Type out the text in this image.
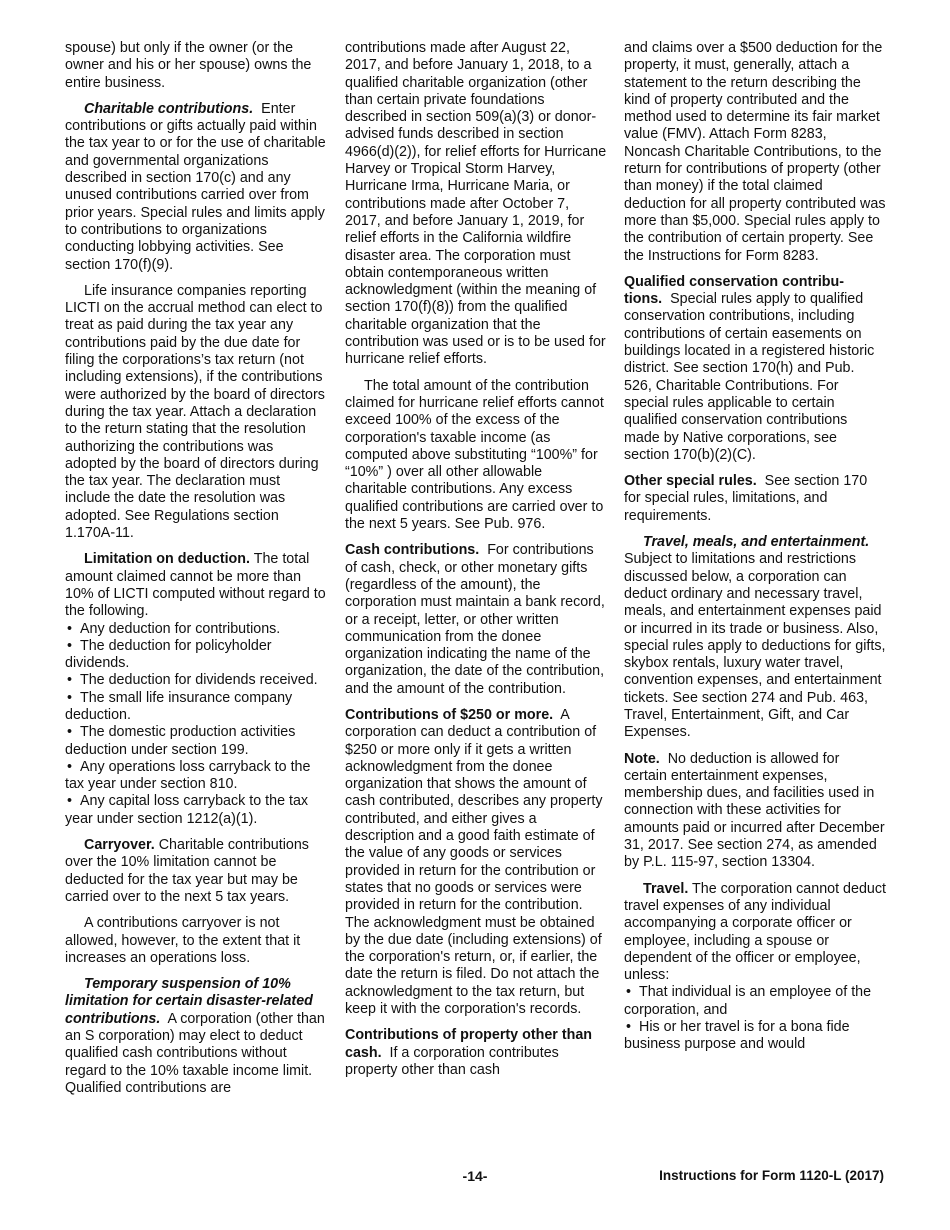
spouse) but only if the owner (or the owner and his or her spouse) owns the entire business.

Charitable contributions. Enter contributions or gifts actually paid within the tax year to or for the use of charitable and governmental organizations described in section 170(c) and any unused contributions carried over from prior years. Special rules and limits apply to contributions to organizations conducting lobbying activities. See section 170(f)(9).

Life insurance companies reporting LICTI on the accrual method can elect to treat as paid during the tax year any contributions paid by the due date for filing the corporations’s tax return (not including extensions), if the contributions were authorized by the board of directors during the tax year. Attach a declaration to the return stating that the resolution authorizing the contributions was adopted by the board of directors during the tax year. The declaration must include the date the resolution was adopted. See Regulations section 1.170A-11.

Limitation on deduction. The total amount claimed cannot be more than 10% of LICTI computed without regard to the following.

• Any deduction for contributions.
• The deduction for policyholder dividends.
• The deduction for dividends received.
• The small life insurance company deduction.
• The domestic production activities deduction under section 199.
• Any operations loss carryback to the tax year under section 810.
• Any capital loss carryback to the tax year under section 1212(a)(1).

Carryover. Charitable contributions over the 10% limitation cannot be deducted for the tax year but may be carried over to the next 5 tax years.

A contributions carryover is not allowed, however, to the extent that it increases an operations loss.

Temporary suspension of 10% limitation for certain disaster-related contributions. A corporation (other than an S corporation) may elect to deduct qualified cash contributions without regard to the 10% taxable income limit. Qualified contributions are

contributions made after August 22, 2017, and before January 1, 2018, to a qualified charitable organization (other than certain private foundations described in section 509(a)(3) or donor-advised funds described in section 4966(d)(2)), for relief efforts for Hurricane Harvey or Tropical Storm Harvey, Hurricane Irma, Hurricane Maria, or contributions made after October 7, 2017, and before January 1, 2019, for relief efforts in the California wildfire disaster area. The corporation must obtain contemporaneous written acknowledgment (within the meaning of section 170(f)(8)) from the qualified charitable organization that the contribution was used or is to be used for hurricane relief efforts.

The total amount of the contribution claimed for hurricane relief efforts cannot exceed 100% of the excess of the corporation's taxable income (as computed above substituting “100%” for “10%” ) over all other allowable charitable contributions. Any excess qualified contributions are carried over to the next 5 years. See Pub. 976.

Cash contributions. For contributions of cash, check, or other monetary gifts (regardless of the amount), the corporation must maintain a bank record, or a receipt, letter, or other written communication from the donee organization indicating the name of the organization, the date of the contribution, and the amount of the contribution.

Contributions of $250 or more. A corporation can deduct a contribution of $250 or more only if it gets a written acknowledgment from the donee organization that shows the amount of cash contributed, describes any property contributed, and either gives a description and a good faith estimate of the value of any goods or services provided in return for the contribution or states that no goods or services were provided in return for the contribution. The acknowledgment must be obtained by the due date (including extensions) of the corporation's return, or, if earlier, the date the return is filed. Do not attach the acknowledgment to the tax return, but keep it with the corporation's records.

Contributions of property other than cash. If a corporation contributes property other than cash

and claims over a $500 deduction for the property, it must, generally, attach a statement to the return describing the kind of property contributed and the method used to determine its fair market value (FMV). Attach Form 8283, Noncash Charitable Contributions, to the return for contributions of property (other than money) if the total claimed deduction for all property contributed was more than $5,000. Special rules apply to the contribution of certain property. See the Instructions for Form 8283.

Qualified conservation contribu- tions. Special rules apply to qualified conservation contributions, including contributions of certain easements on buildings located in a registered historic district. See section 170(h) and Pub. 526, Charitable Contributions. For special rules applicable to certain qualified conservation contributions made by Native corporations, see section 170(b)(2)(C).

Other special rules. See section 170 for special rules, limitations, and requirements.

Travel, meals, and entertainment.  Subject to limitations and restrictions discussed below, a corporation can deduct ordinary and necessary travel, meals, and entertainment expenses paid or incurred in its trade or business. Also, special rules apply to deductions for gifts, skybox rentals, luxury water travel, convention expenses, and entertainment tickets. See section 274 and Pub. 463, Travel, Entertainment, Gift, and Car Expenses.

Note. No deduction is allowed for certain entertainment expenses, membership dues, and facilities used in connection with these activities for amounts paid or incurred after December 31, 2017. See section 274, as amended by P.L. 115-97, section 13304.

Travel. The corporation cannot deduct travel expenses of any individual accompanying a corporate officer or employee, including a spouse or dependent of the officer or employee, unless:

• That individual is an employee of the corporation, and
• His or her travel is for a bona fide business purpose and would
-14-	Instructions for Form 1120-L (2017)
